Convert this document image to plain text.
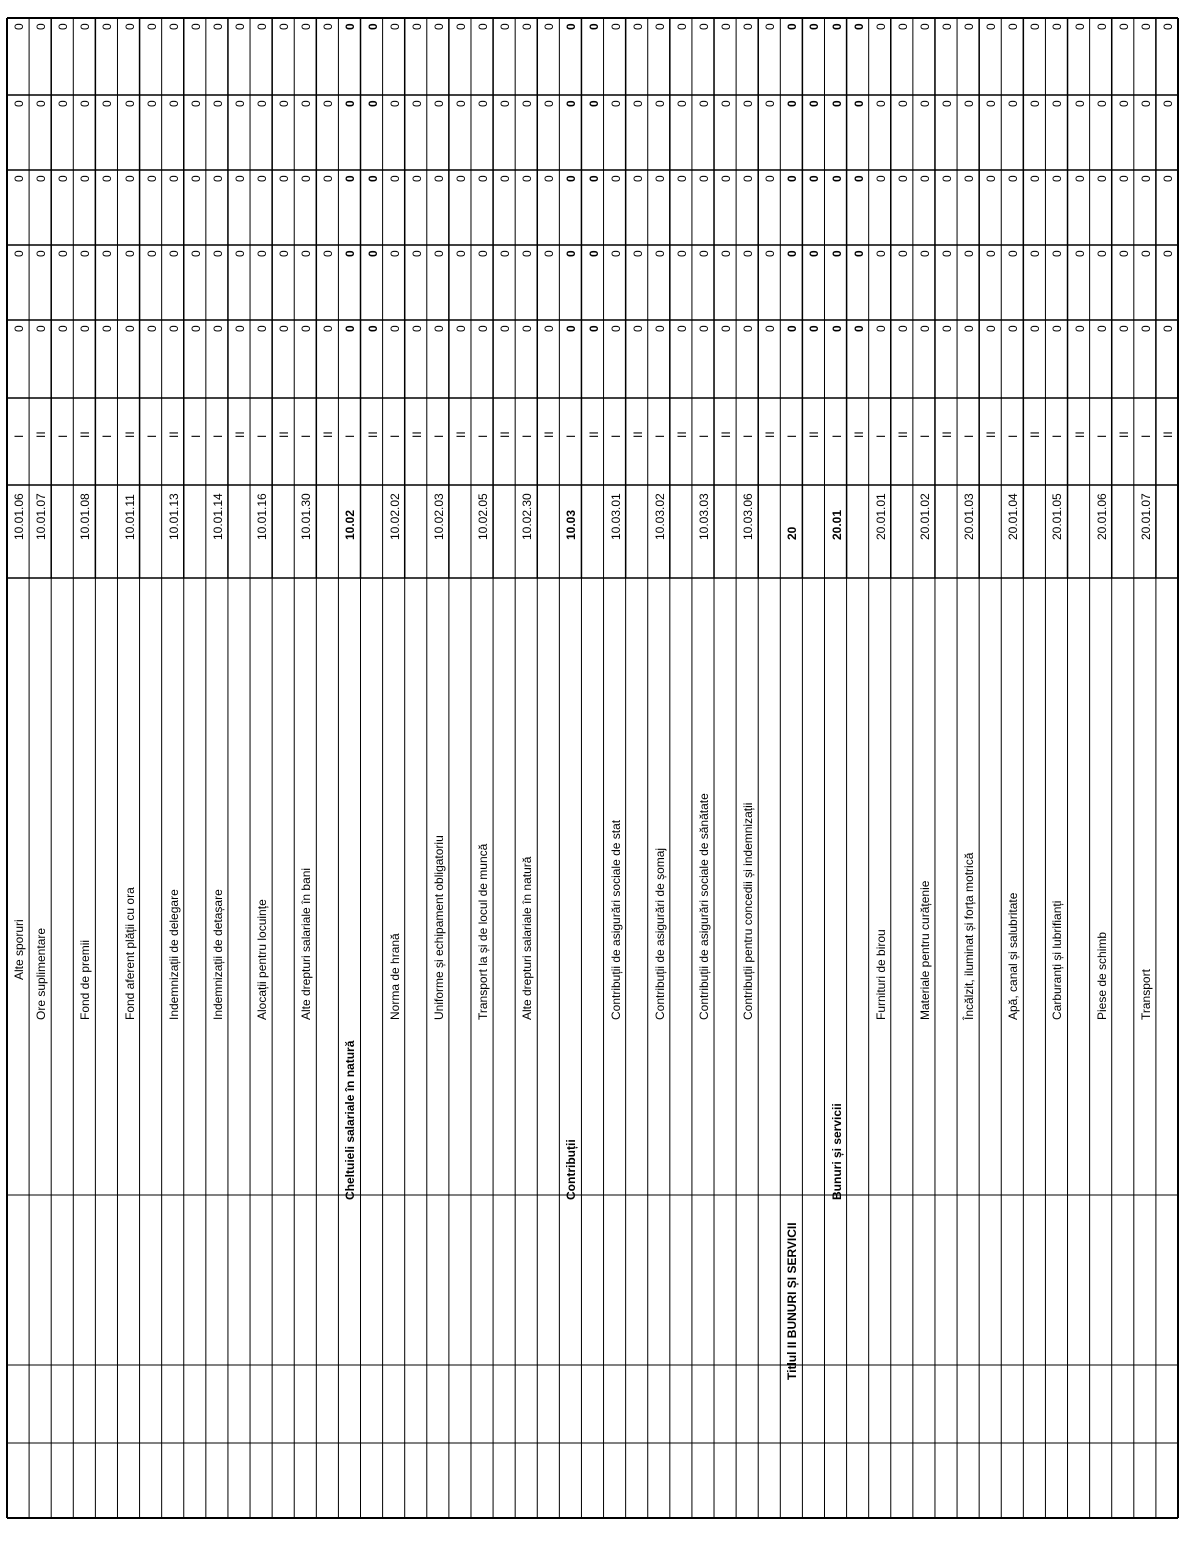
0
0
0
0
0
I
10.01.06
Alte sporuri
0
0
0
0
0
II
10.01.07
Ore suplimentare
0
0
0
0
0
I
0
0
0
0
0
II
10.01.08
Fond de premii
0
0
0
0
0
I
0
0
0
0
0
II
10.01.11
Fond aferent plății cu ora
0
0
0
0
0
I
0
0
0
0
0
II
10.01.13
Indemnizații de delegare
0
0
0
0
0
I
0
0
0
0
0
I
10.01.14
Indemnizații de detașare
0
0
0
0
0
II
0
0
0
0
0
I
10.01.16
Alocații pentru locuințe
0
0
0
0
0
II
0
0
0
0
0
I
10.01.30
Alte drepturi salariale în bani
0
0
0
0
0
II
0
0
0
0
0
I
10.02
Cheltuieli salariale în natură
0
0
0
0
0
II
0
0
0
0
0
I
10.02.02
Norma de hrană
0
0
0
0
0
II
0
0
0
0
0
I
10.02.03
Uniforme și echipament obligatoriu
0
0
0
0
0
II
0
0
0
0
0
I
10.02.05
Transport la și de locul de muncă
0
0
0
0
0
II
0
0
0
0
0
I
10.02.30
Alte drepturi salariale în natură
0
0
0
0
0
II
0
0
0
0
0
I
10.03
Contribuții
0
0
0
0
0
II
0
0
0
0
0
I
10.03.01
Contribuții de asigurări sociale de stat
0
0
0
0
0
II
0
0
0
0
0
I
10.03.02
Contribuții de asigurări de șomaj
0
0
0
0
0
II
0
0
0
0
0
I
10.03.03
Contribuții de asigurări sociale de sănătate
0
0
0
0
0
II
0
0
0
0
0
I
10.03.06
Contribuții pentru concedii și indemnizații
0
0
0
0
0
II
0
0
0
0
0
I
20
Titlul II BUNURI ȘI SERVICII
0
0
0
0
0
II
0
0
0
0
0
I
20.01
Bunuri și servicii
0
0
0
0
0
II
0
0
0
0
0
I
20.01.01
Furnituri de birou
0
0
0
0
0
II
0
0
0
0
0
I
20.01.02
Materiale pentru curățenie
0
0
0
0
0
II
0
0
0
0
0
I
20.01.03
Încălzit, iluminat și forța motrică
0
0
0
0
0
II
0
0
0
0
0
I
20.01.04
Apă, canal și salubritate
0
0
0
0
0
II
0
0
0
0
0
I
20.01.05
Carburanți și lubrifianți
0
0
0
0
0
II
0
0
0
0
0
I
20.01.06
Piese de schimb
0
0
0
0
0
II
0
0
0
0
0
I
20.01.07
Transport
0
0
0
0
0
II
